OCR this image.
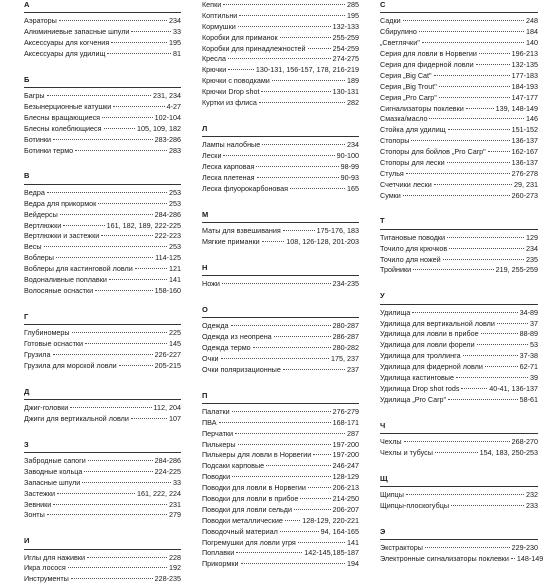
А
Аэраторы	234
Алюминиевые запасные шпули	33
Аксессуары для когчения	195
Аксессуары для удилищ	81
Б
Багры	231, 234
Безынерционные катушки	4-27
Блесны вращающиеся	102-104
Блесны колеблющиеся	105, 109, 182
Ботинки	283-286
Ботинки термо	283
В
Ведра	253
Ведра для прикормок	253
Вейдерсы	284-286
Вертлюжки	161, 182, 189, 222-225
Вертлюжки и застежки	222-223
Весы	253
Воблеры	114-125
Воблеры для кастинговой ловли	121
Водоналивные поплавки	141
Волосяные оснастки	158-160
Г
Глубиномеры	225
Готовые оснастки	145
Грузила	226-227
Грузила для морской ловли	205-215
Д
Джиг-головки	112, 204
Джиги для вертикальной ловли	107
З
Забродные сапоги	284-286
Заводные кольца	224-225
Запасные шпули	33
Застежки	161, 222, 224
Зевники	231
Зонты	279
И
Иглы для наживки	228
Икра лосося	192
Инструменты	228-235
Кепки	285
Коптильни	195
Кормушки	132-133
Коробки для приманок	255-259
Коробки для принадлежностей	254-259
Кресла	274-275
Крючки	130-131, 156-157, 178, 216-219
Крючки с поводками	189
Крючки Drop shot	130-131
Куртки из флиса	282
Л
Лампы налобные	234
Лески	90-100
Леска карповая	98-99
Леска плетеная	90-93
Леска флуорокарбоновая	165
М
Маты для взвешивания	175-176, 183
Мягкие приманки	108, 126-128, 201-203
Н
Ножи	234-235
О
Одежда	280-287
Одежда из неопрена	286-287
Одежда термо	280-282
Очки	175, 237
Очки поляризационные	237
П
Палатки	276-279
ПВА	168-171
Перчатки	287
Пилькеры	197-200
Пилькеры для ловли в Норвегии	197-200
Подсаки карповые	246-247
Поводки	128-129
Поводки для ловли в Норвегии	206-213
Поводки для ловли в прибое	214-250
Поводки для ловли сельди	206-207
Поводки металлические	128-129, 220-221
Поводочный материал	94, 164-165
Погремушки для ловли угря	141
Поплавки	142-145,185-187
Прикормки	194
С
Садки	248
Сбирулино	184
„Светлячки"	140
Серия для ловли в Норвегии	196-213
Серия для фидерной ловли	132-135
Серия „Big Cat"	177-183
Серия „Big Trout"	184-193
Серия „Pro Carp"	147-177
Сигнализаторы поклевки	139, 148-149
Смазка/масло	146
Стойка для удилищ	151-152
Стопоры	136-137
Стопоры для бойлов „Pro Carp"	162-167
Стопоры для лески	136-137
Стулья	276-278
Счетчики лески	29, 231
Сумки	260-273
Т
Титановые поводки	129
Точило для крючков	234
Точило для ножей	235
Тройники	219, 255-259
У
Удилища	34-89
Удилища для вертикальной ловли	37
Удилища для ловли в прибое	88-89
Удилища для ловли форели	53
Удилища для троллинга	37-38
Удилища для фидерной ловли	62-71
Удилища кастинговые	39
Удилища Drop shot rods	40-41, 136-137
Удилища „Pro Carp"	58-61
Ч
Чехлы	268-270
Чехлы и тубусы	154, 183, 250-253
Щ
Щипцы	232
Щипцы-плоскогубцы	233
Э
Экстракторы	229-230
Электронные сигнализаторы поклевки 148-149
